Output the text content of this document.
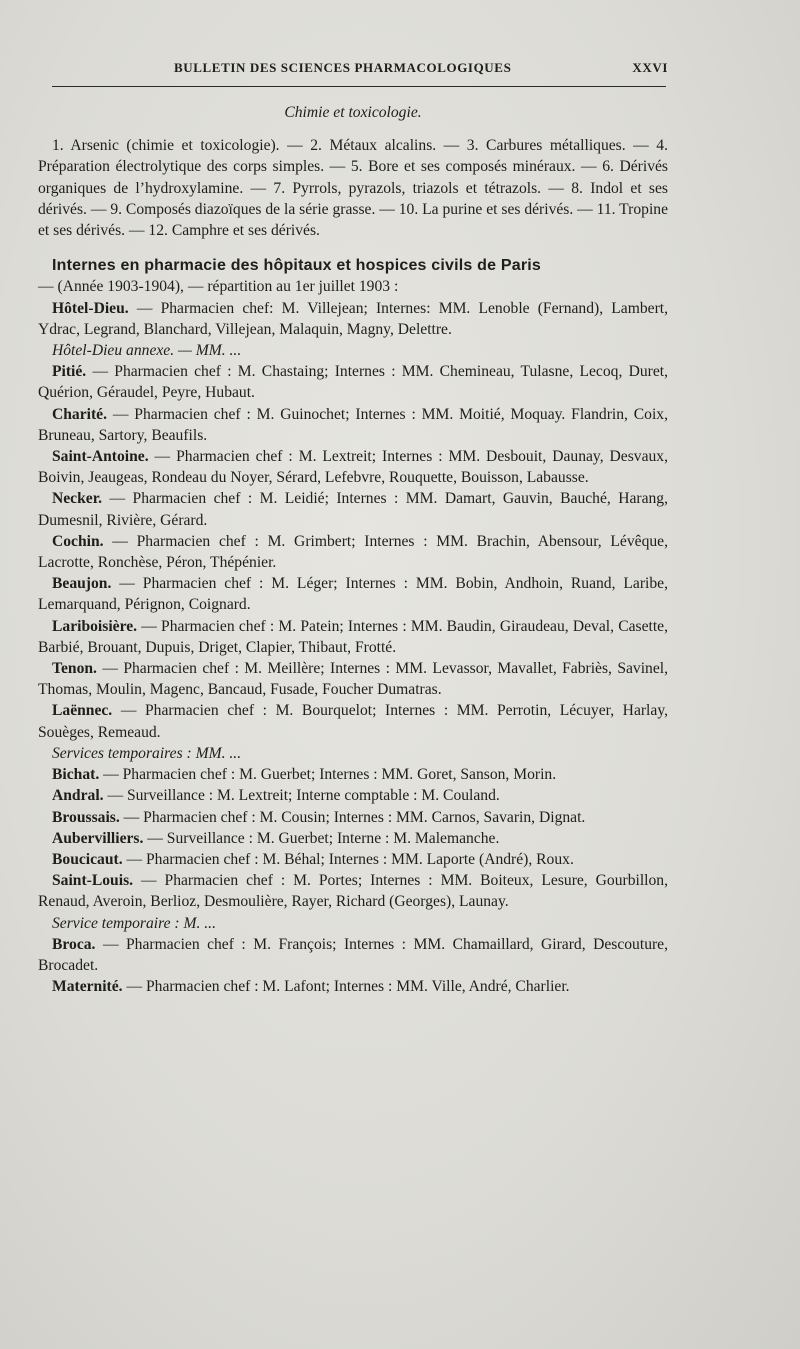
BULLETIN DES SCIENCES PHARMACOLOGIQUES	XXVI

Chimie et toxicologie.

1. Arsenic (chimie et toxicologie). — 2. Métaux alcalins. — 3. Carbures métalliques. — 4. Préparation électrolytique des corps simples. — 5. Bore et ses composés minéraux. — 6. Dérivés organiques de l’hydroxylamine. — 7. Pyrrols, pyrazols, triazols et tétrazols. — 8. Indol et ses dérivés. — 9. Composés diazoïques de la série grasse. — 10. La purine et ses dérivés. — 11. Tropine et ses dérivés. — 12. Camphre et ses dérivés.

Internes en pharmacie des hôpitaux et hospices civils de Paris

— (Année 1903-1904), — répartition au 1er juillet 1903 :

Hôtel-Dieu. — Pharmacien chef: M. Villejean; Internes: MM. Lenoble (Fernand), Lambert, Ydrac, Legrand, Blanchard, Villejean, Malaquin, Magny, Delettre.

Hôtel-Dieu annexe. — MM. ...

Pitié. — Pharmacien chef : M. Chastaing; Internes : MM. Chemineau, Tulasne, Lecoq, Duret, Quérion, Géraudel, Peyre, Hubaut.

Charité. — Pharmacien chef : M. Guinochet; Internes : MM. Moitié, Moquay. Flandrin, Coix, Bruneau, Sartory, Beaufils.

Saint-Antoine. — Pharmacien chef : M. Lextreit; Internes : MM. Desbouit, Daunay, Desvaux, Boivin, Jeaugeas, Rondeau du Noyer, Sérard, Lefebvre, Rouquette, Bouisson, Labausse.

Necker. — Pharmacien chef : M. Leidié; Internes : MM. Damart, Gauvin, Bauché, Harang, Dumesnil, Rivière, Gérard.

Cochin. — Pharmacien chef : M. Grimbert; Internes : MM. Brachin, Abensour, Lévêque, Lacrotte, Ronchèse, Péron, Thépénier.

Beaujon. — Pharmacien chef : M. Léger; Internes : MM. Bobin, Andhoin, Ruand, Laribe, Lemarquand, Pérignon, Coignard.

Lariboisière. — Pharmacien chef : M. Patein; Internes : MM. Baudin, Giraudeau, Deval, Casette, Barbié, Brouant, Dupuis, Driget, Clapier, Thibaut, Frotté.

Tenon. — Pharmacien chef : M. Meillère; Internes : MM. Levassor, Mavallet, Fabriès, Savinel, Thomas, Moulin, Magenc, Bancaud, Fusade, Foucher Dumatras.

Laënnec. — Pharmacien chef : M. Bourquelot; Internes : MM. Perrotin, Lécuyer, Harlay, Souèges, Remeaud.

Services temporaires : MM. ...

Bichat. — Pharmacien chef : M. Guerbet; Internes : MM. Goret, Sanson, Morin.

Andral. — Surveillance : M. Lextreit; Interne comptable : M. Couland.

Broussais. — Pharmacien chef : M. Cousin; Internes : MM. Carnos, Savarin, Dignat.

Aubervilliers. — Surveillance : M. Guerbet; Interne : M. Malemanche.

Boucicaut. — Pharmacien chef : M. Béhal; Internes : MM. Laporte (André), Roux.

Saint-Louis. — Pharmacien chef : M. Portes; Internes : MM. Boiteux, Lesure, Gourbillon, Renaud, Averoin, Berlioz, Desmoulière, Rayer, Richard (Georges), Launay.

Service temporaire : M. ...

Broca. — Pharmacien chef : M. François; Internes : MM. Chamaillard, Girard, Descouture, Brocadet.

Maternité. — Pharmacien chef : M. Lafont; Internes : MM. Ville, André, Charlier.
